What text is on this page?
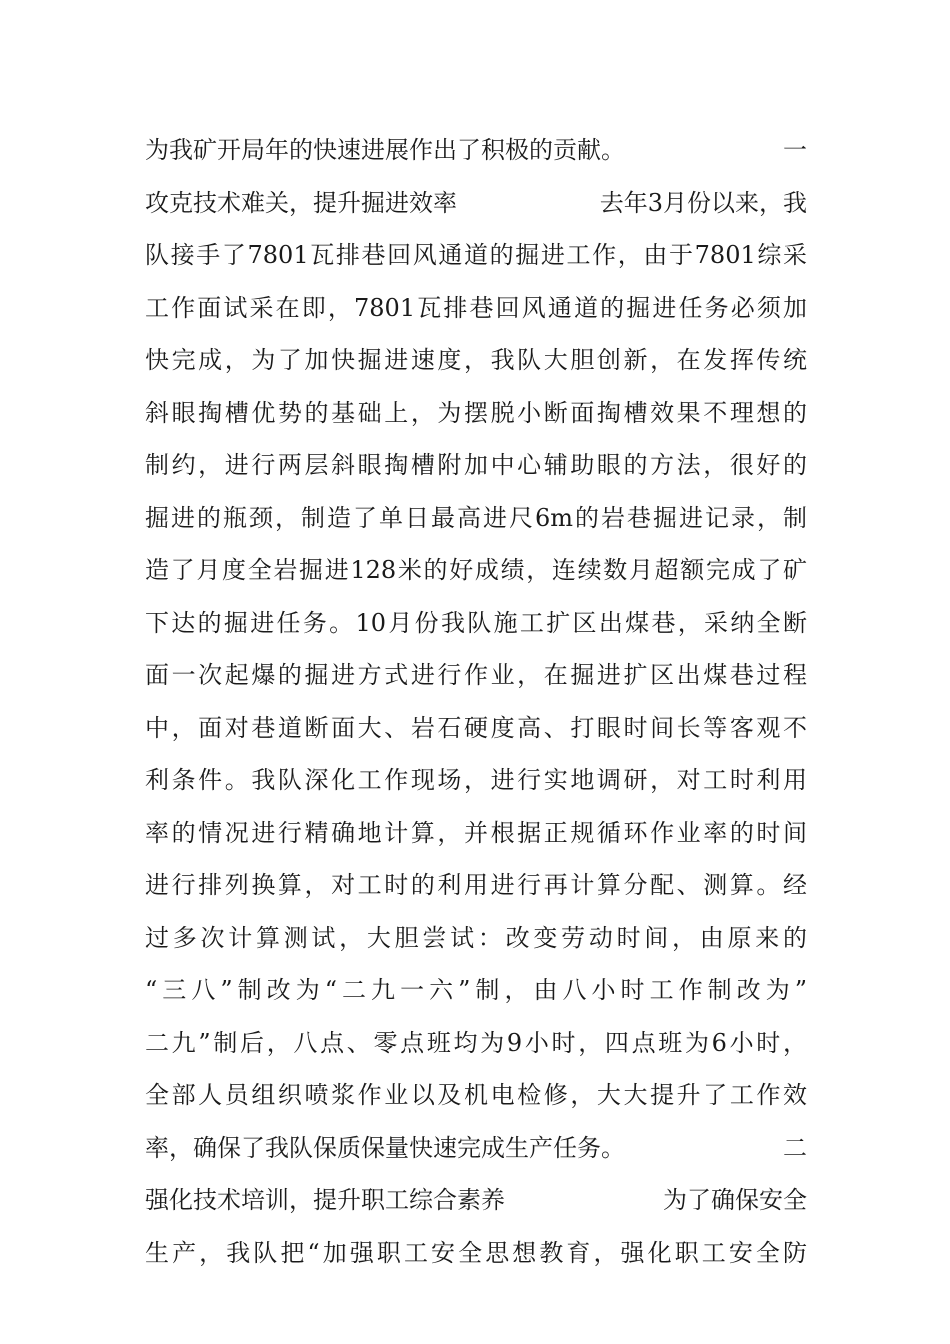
为我矿开局年的快速进展作出了积极的贡献。	一
攻克技术难关，提升掘进效率	去年3月份以来，我
队接手了7801瓦排巷回风通道的掘进工作，由于7801综采
工作面试采在即，7801瓦排巷回风通道的掘进任务必须加
快完成，为了加快掘进速度，我队大胆创新，在发挥传统
斜眼掏槽优势的基础上，为摆脱小断面掏槽效果不理想的
制约，进行两层斜眼掏槽附加中心辅助眼的方法，很好的
掘进的瓶颈，制造了单日最高进尺6m的岩巷掘进记录，制
造了月度全岩掘进128米的好成绩，连续数月超额完成了矿
下达的掘进任务。10月份我队施工扩区出煤巷，采纳全断
面一次起爆的掘进方式进行作业，在掘进扩区出煤巷过程
中，面对巷道断面大、岩石硬度高、打眼时间长等客观不
利条件。我队深化工作现场，进行实地调研，对工时利用
率的情况进行精确地计算，并根据正规循环作业率的时间
进行排列换算，对工时的利用进行再计算分配、测算。经
过多次计算测试，大胆尝试：改变劳动时间，由原来的
“三八”制改为“二九一六”制，由八小时工作制改为”
二九”制后，八点、零点班均为9小时，四点班为6小时，
全部人员组织喷浆作业以及机电检修，大大提升了工作效
率，确保了我队保质保量快速完成生产任务。	二
强化技术培训，提升职工综合素养	为了确保安全
生产，我队把“加强职工安全思想教育，强化职工安全防
